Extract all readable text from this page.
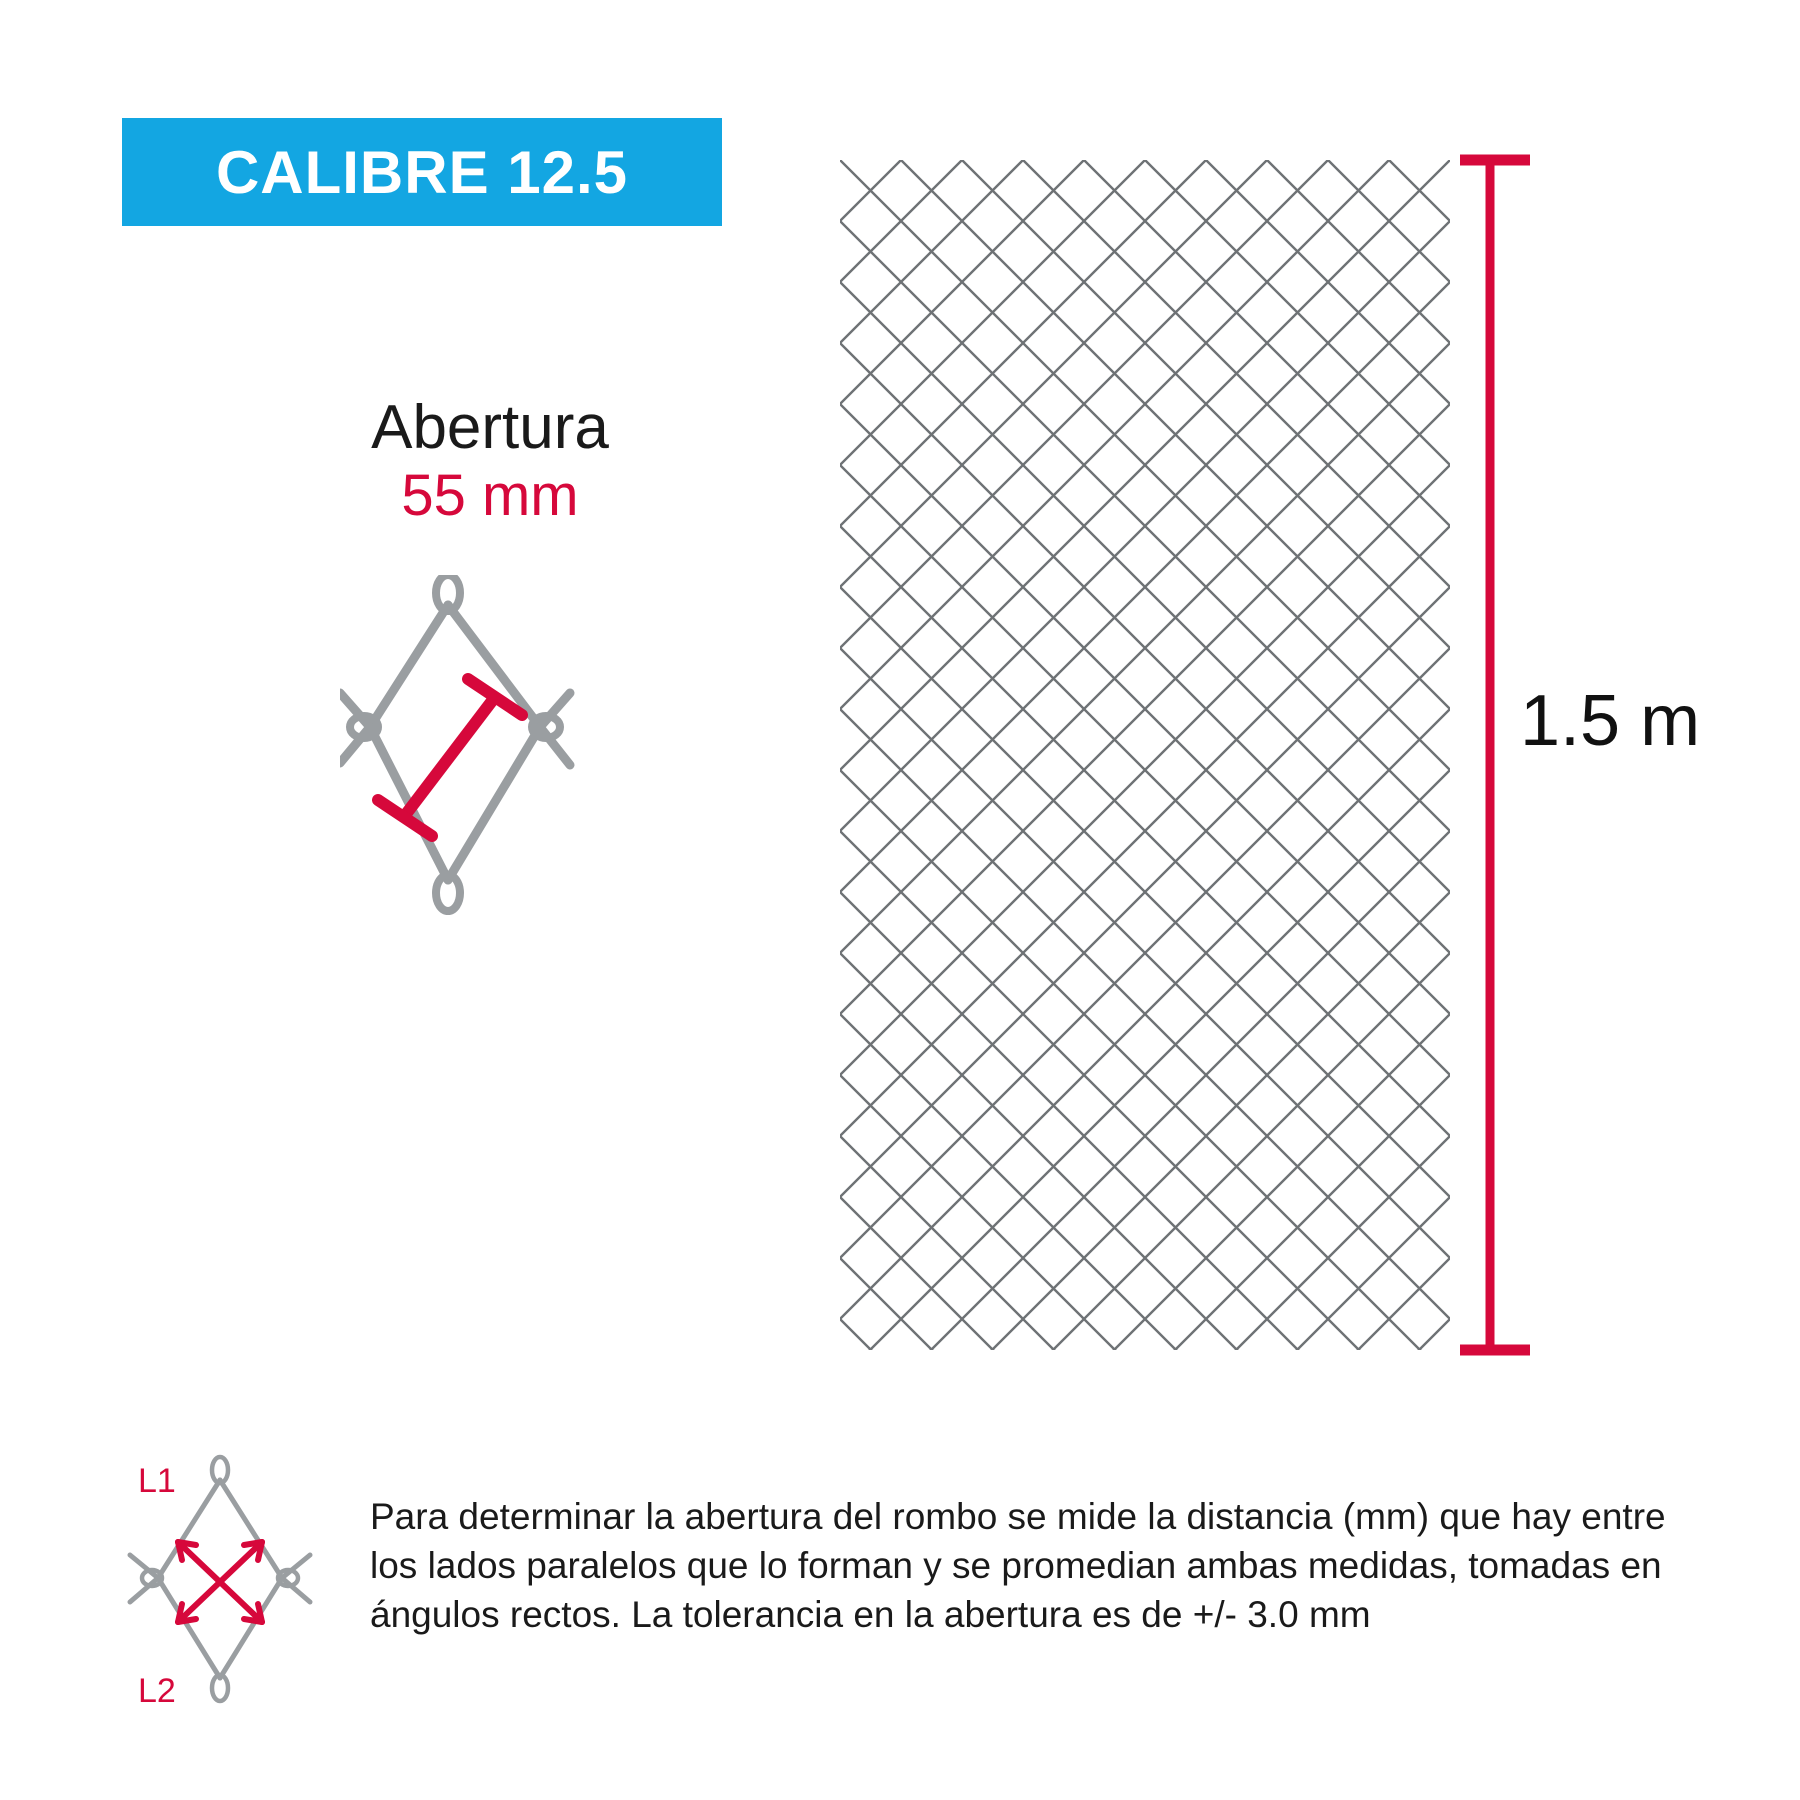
CALIBRE 12.5
Abertura
55 mm
1.5 m
L1
L2
Para determinar la abertura del rombo se mide la distancia (mm) que hay entre los lados paralelos que lo forman y se promedian ambas medidas, tomadas en ángulos rectos. La tolerancia en la abertura es de +/- 3.0 mm
